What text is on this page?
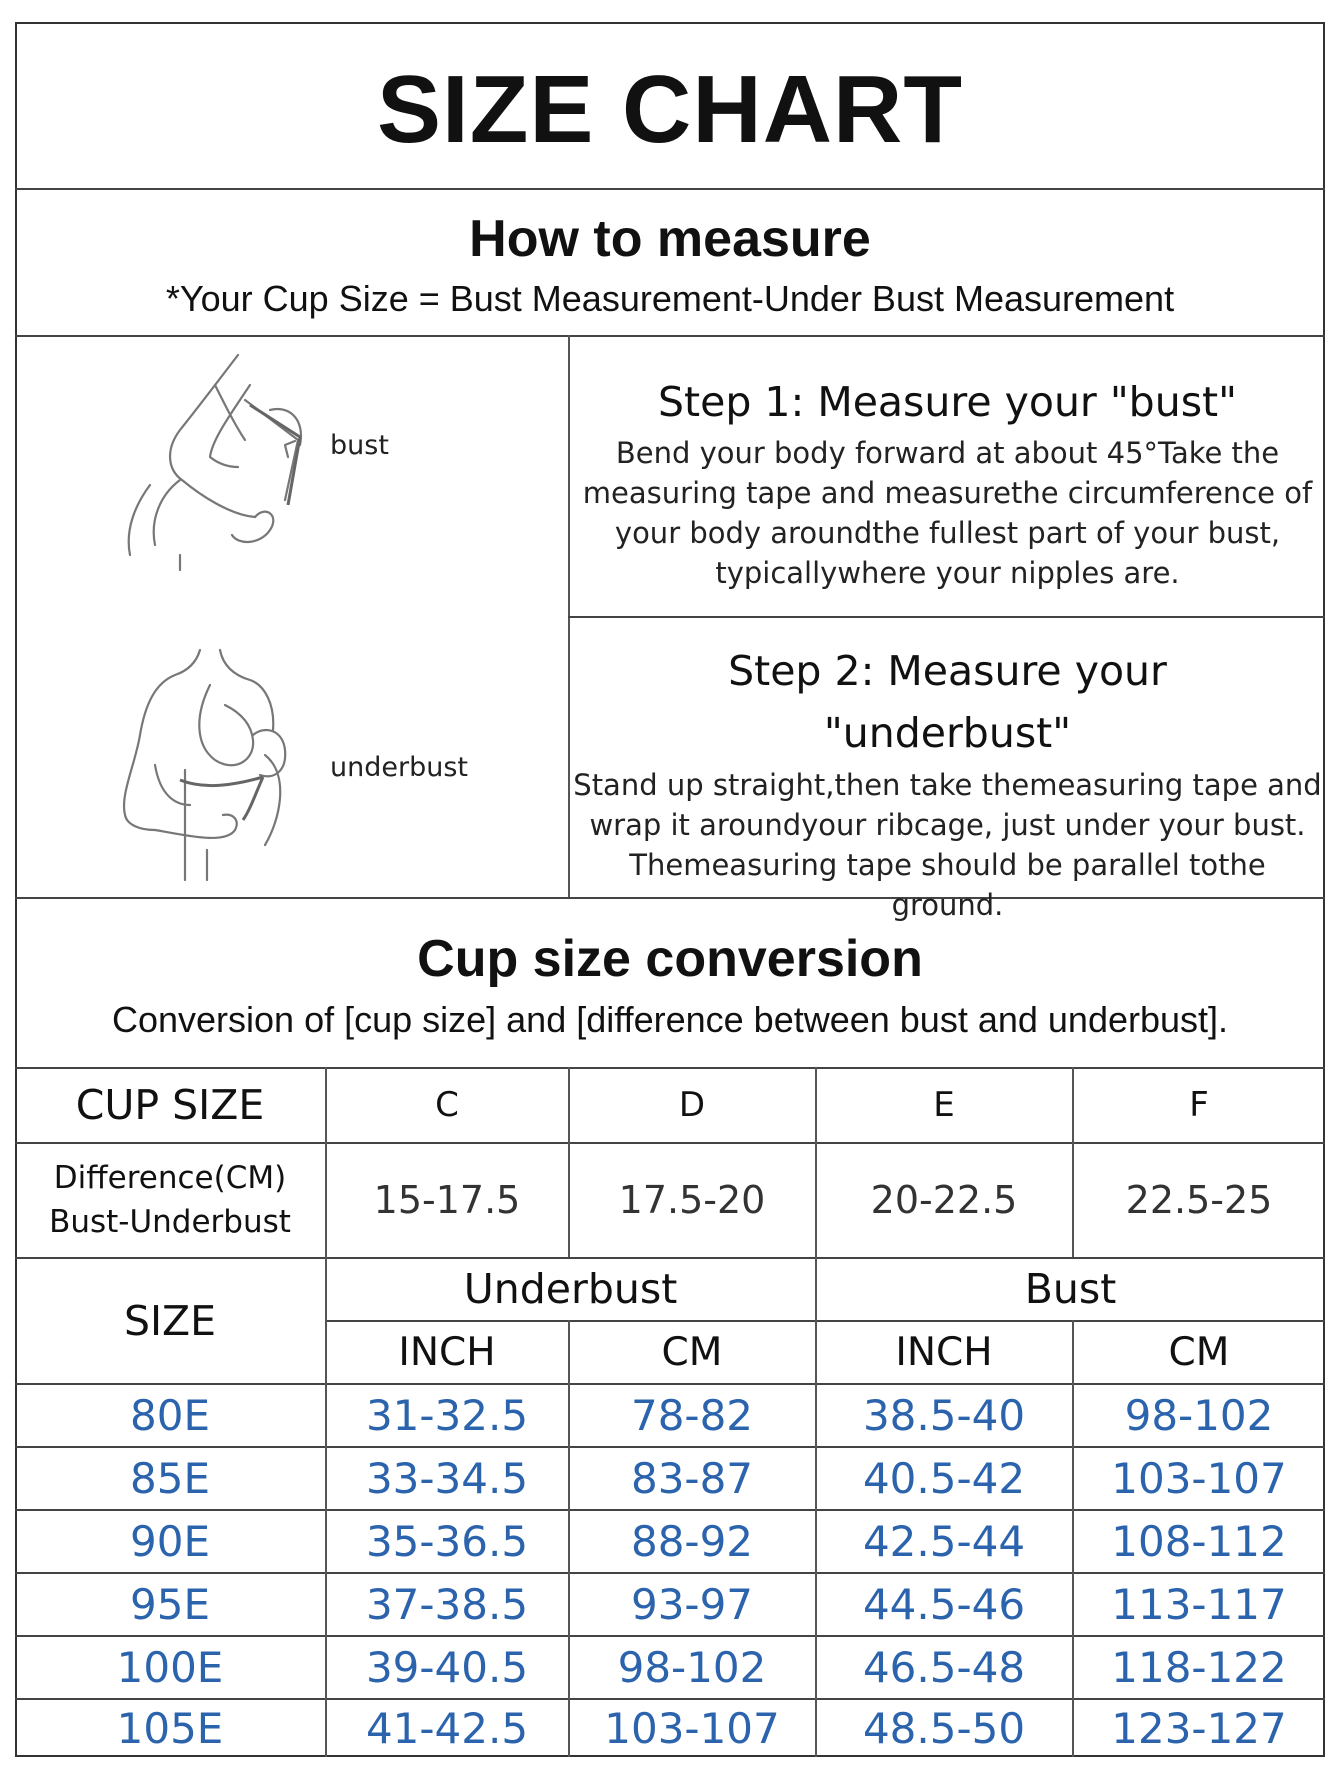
SIZE CHART
How to measure
*Your Cup Size = Bust Measurement-Under Bust Measurement
bust
underbust
Step 1: Measure your "bust"
Bend your body forward at about 45°Take the
measuring tape and measurethe circumference of
your body aroundthe fullest part of your bust,
typicallywhere your nipples are.
Step 2: Measure your
"underbust"
Stand up straight,then take themeasuring tape and
wrap it aroundyour ribcage, just under your bust.
Themeasuring tape should be parallel tothe ground.
Cup size conversion
Conversion of [cup size] and [difference between bust and underbust].
CUP SIZE	C	D	E	F
Difference(CM)
Bust-Underbust	15-17.5	17.5-20	20-22.5	22.5-25
SIZE
Underbust	Bust
INCH	CM	INCH	CM
80E	31-32.5	78-82	38.5-40	98-102
85E	33-34.5	83-87	40.5-42	103-107
90E	35-36.5	88-92	42.5-44	108-112
95E	37-38.5	93-97	44.5-46	113-117
100E	39-40.5	98-102	46.5-48	118-122
105E	41-42.5	103-107	48.5-50	123-127
